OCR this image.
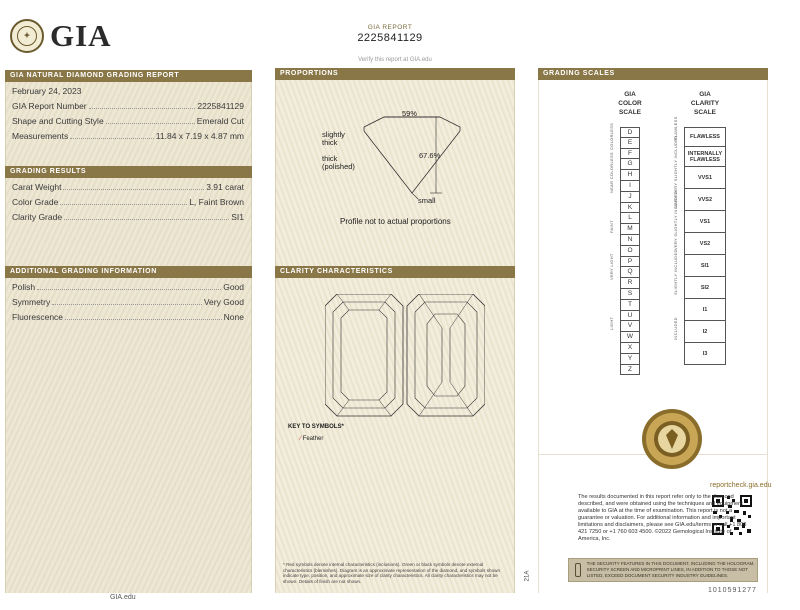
✦ GIA	GIA REPORT
2225841129
Verify this report at GIA.edu
GIA NATURAL DIAMOND GRADING REPORT
February 24, 2023
GIA Report Number	2225841129
Shape and Cutting Style	Emerald Cut
Measurements	11.84 x 7.19 x 4.87 mm
GRADING RESULTS
Carat Weight	3.91 carat
Color Grade	L, Faint Brown
Clarity Grade	SI1
ADDITIONAL GRADING INFORMATION
Polish	Good
Symmetry	Very Good
Fluorescence	None
GIA.edu
PROPORTIONS
59%
67.6%
slightly
thick
thick
(polished)
small
Profile not to actual proportions
CLARITY CHARACTERISTICS
KEY TO SYMBOLS*
⁄ Feather
* Red symbols denote internal characteristics (inclusions). Green or black symbols denote external characteristics (blemishes). Diagram is an approximate representation of the diamond, and symbols shown indicate type, position, and approximate size of clarity characteristics. All clarity characteristics may not be shown. Details of finish are not shown.	21A
GRADING SCALES
GIA
COLOR
SCALE
GIA
CLARITY
SCALE
D
E
F
G
H
I
J
K
L
M
N
O
P
Q
R
S
T
U
V
W
X
Y
Z
FLAWLESS
INTERNALLY FLAWLESS
VVS1
VVS2
VS1
VS2
SI1
SI2
I1
I2
I3
COLORLESS
NEAR COLORLESS
FAINT
VERY LIGHT
LIGHT
FLAWLESS
VERY VERY SLIGHTLY INCLUDED
VERY SLIGHTLY INCLUDED
SLIGHTLY INCLUDED
INCLUDED
reportcheck.gia.edu
The results documented in this report refer only to the diamond described, and were obtained using the techniques and equipment available to GIA at the time of examination. This report is not a guarantee or valuation. For additional information and important limitations and disclaimers, please see GIA.edu/terms or call +1 800 421 7250 or +1 760 603 4500. ©2022 Gemological Institute of America, Inc.
THE SECURITY FEATURES IN THIS DOCUMENT, INCLUDING THE HOLOGRAM, SECURITY SCREEN AND MICROPRINT LINES, IN ADDITION TO THOSE NOT LISTED, EXCEED DOCUMENT SECURITY INDUSTRY GUIDELINES.
1010591277
